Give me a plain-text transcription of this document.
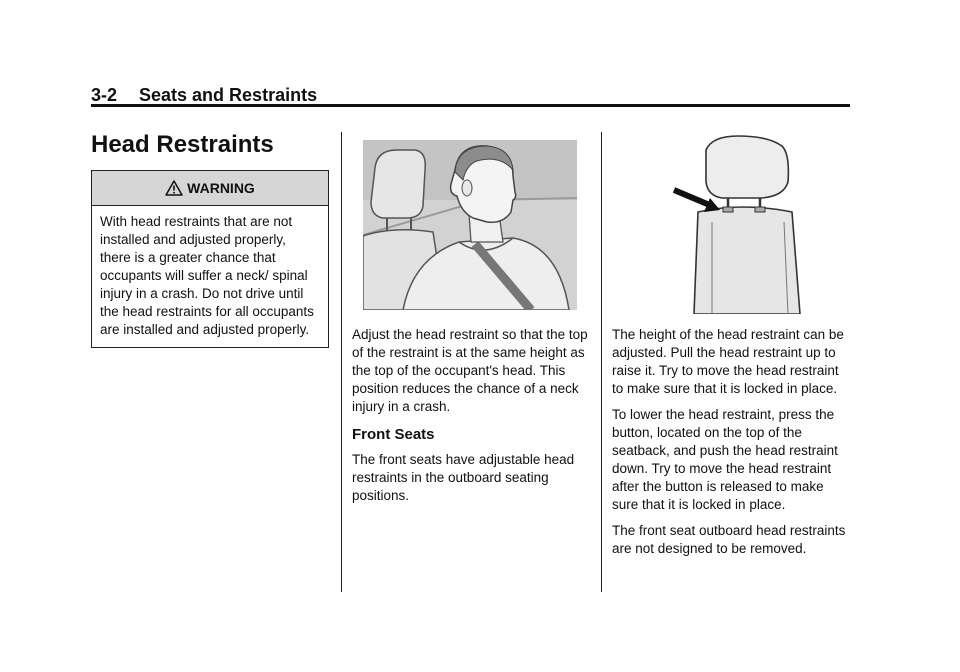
3-2 Seats and Restraints
Head Restraints
WARNING
With head restraints that are not installed and adjusted properly, there is a greater chance that occupants will suffer a neck/ spinal injury in a crash. Do not drive until the head restraints for all occupants are installed and adjusted properly.	Adjust the head restraint so that the top of the restraint is at the same height as the top of the occupant's head. This position reduces the chance of a neck injury in a crash.

Front Seats

The front seats have adjustable head restraints in the outboard seating positions.

The height of the head restraint can be adjusted. Pull the head restraint up to raise it. Try to move the head restraint to make sure that it is locked in place.

To lower the head restraint, press the button, located on the top of the seatback, and push the head restraint down. Try to move the head restraint after the button is released to make sure that it is locked in place.

The front seat outboard head restraints are not designed to be removed.
